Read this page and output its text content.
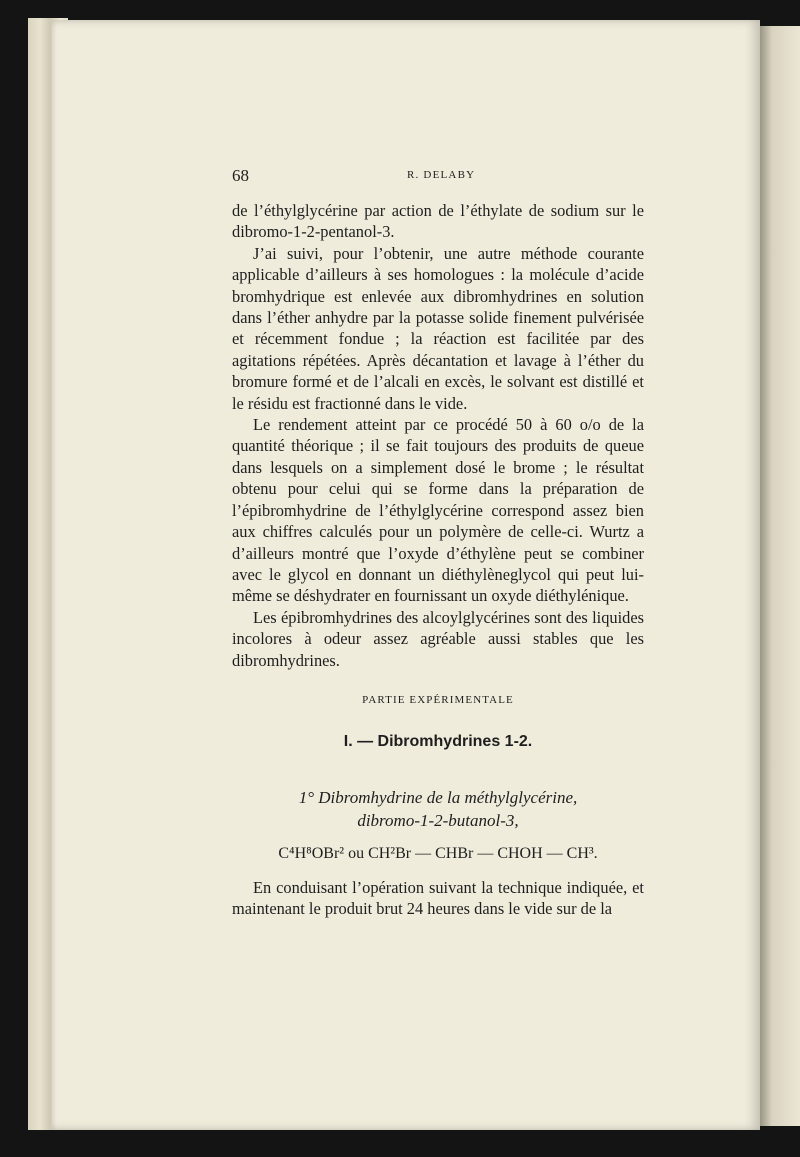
68	R. DELABY

de l’éthylglycérine par action de l’éthylate de sodium sur le dibromo-1-2-pentanol-3.

J’ai suivi, pour l’obtenir, une autre méthode courante applicable d’ailleurs à ses homologues : la molécule d’acide bromhydrique est enlevée aux dibromhydrines en solution dans l’éther anhydre par la potasse solide finement pulvérisée et récemment fondue ; la réaction est facilitée par des agitations répétées. Après décantation et lavage à l’éther du bromure formé et de l’alcali en excès, le solvant est distillé et le résidu est fractionné dans le vide.

Le rendement atteint par ce procédé 50 à 60 o/o de la quantité théorique ; il se fait toujours des produits de queue dans lesquels on a simplement dosé le brome ; le résultat obtenu pour celui qui se forme dans la préparation de l’épibromhydrine de l’éthylglycérine correspond assez bien aux chiffres calculés pour un polymère de celle-ci. Wurtz a d’ailleurs montré que l’oxyde d’éthylène peut se combiner avec le glycol en donnant un diéthylèneglycol qui peut lui-même se déshydrater en fournissant un oxyde diéthylénique.

Les épibromhydrines des alcoylglycérines sont des liquides incolores à odeur assez agréable aussi stables que les dibromhydrines.

PARTIE EXPÉRIMENTALE
I. — Dibromhydrines 1-2.
1° Dibromhydrine de la méthylglycérine,
dibromo-1-2-butanol-3,
C⁴H⁸OBr² ou CH²Br — CHBr — CHOH — CH³.

En conduisant l’opération suivant la technique indiquée, et maintenant le produit brut 24 heures dans le vide sur de la
